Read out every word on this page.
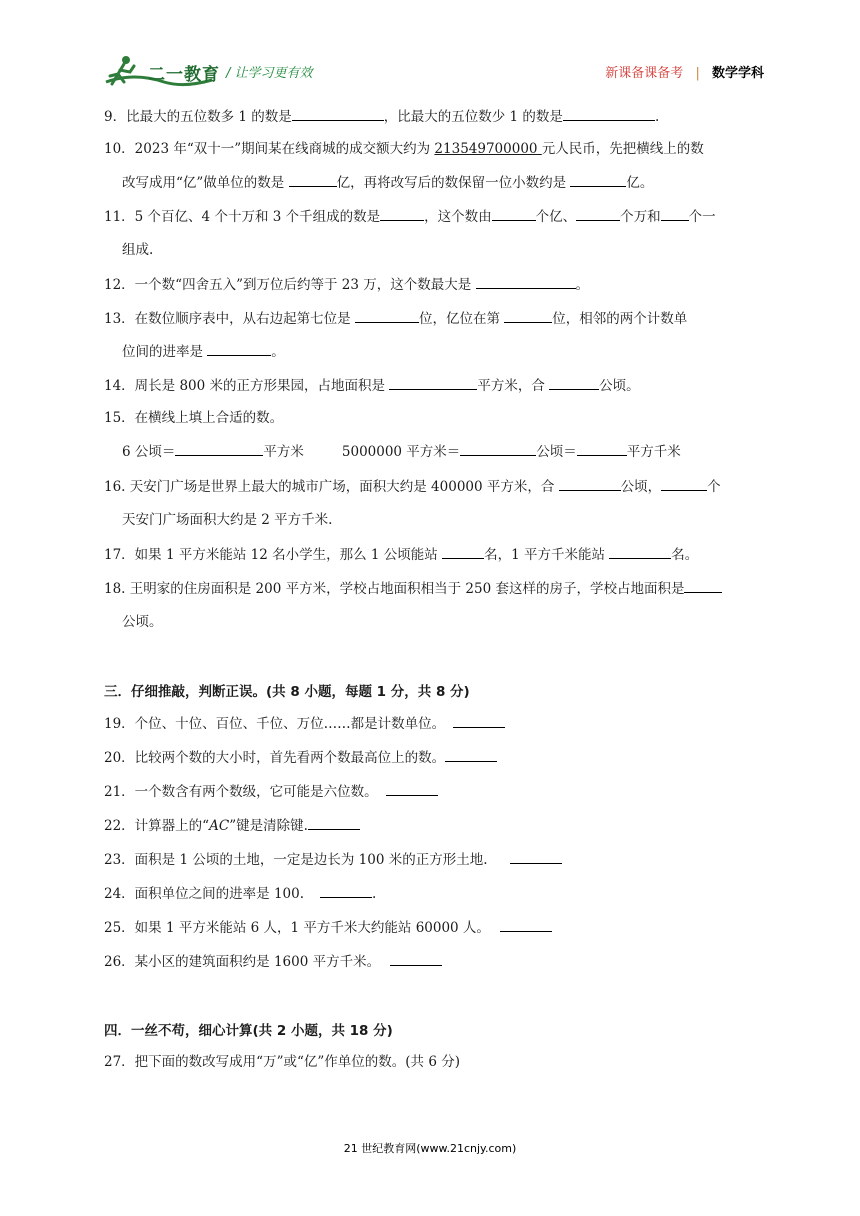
二一教育 / 让学习更有效	新课备课备考 | 数学学科
9．比最大的五位数多 1 的数是	，比最大的五位数少 1 的数是	.
10．2023 年“双十一”期间某在线商城的成交额大约为 213549700000 元人民币，先把横线上的数
改写成用“亿”做单位的数是	亿，再将改写后的数保留一位小数约是	亿。
11．5 个百亿、4 个十万和 3 个千组成的数是	，这个数由	个亿、	个万和 个一
组成.
12．一个数“四舍五入”到万位后约等于 23 万，这个数最大是	。
13．在数位顺序表中，从右边起第七位是	位，亿位在第	位，相邻的两个计数单
位间的进率是	。
14．周长是 800 米的正方形果园，占地面积是	平方米，合	公顷。
15．在横线上填上合适的数。
6 公顷＝	平方米	5000000 平方米＝	公顷＝	平方千米
16. 天安门广场是世界上最大的城市广场，面积大约是 400000 平方米，合	公顷，	个
天安门广场面积大约是 2 平方千米.
17．如果 1 平方米能站 12 名小学生，那么 1 公顷能站	名，1 平方千米能站	名。
18. 王明家的住房面积是 200 平方米，学校占地面积相当于 250 套这样的房子，学校占地面积是
公顷。
三．仔细推敲，判断正误。(共 8 小题，每题 1 分，共 8 分)
19．个位、十位、百位、千位、万位……都是计数单位。
20．比较两个数的大小时，首先看两个数最高位上的数。
21．一个数含有两个数级，它可能是六位数。
22．计算器上的“AC”键是清除键.
23．面积是 1 公顷的土地，一定是边长为 100 米的正方形土地.
24．面积单位之间的进率是 100.	.
25．如果 1 平方米能站 6 人，1 平方千米大约能站 60000 人。
26．某小区的建筑面积约是 1600 平方千米。
四．一丝不苟，细心计算(共 2 小题，共 18 分)
27．把下面的数改写成用“万”或“亿”作单位的数。(共 6 分)
21 世纪教育网(www.21cnjy.com)
